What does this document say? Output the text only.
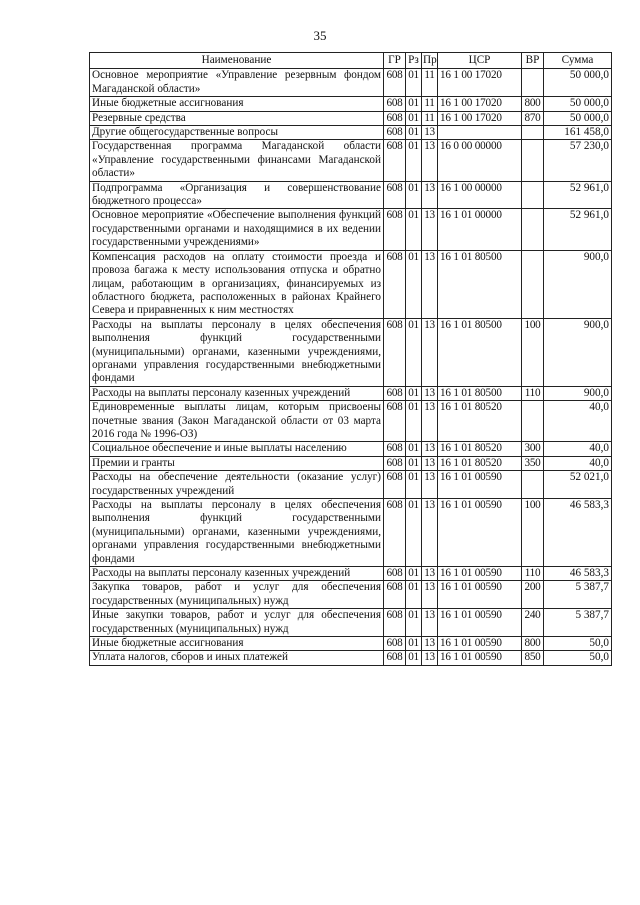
35
Наименование	ГР	Рз	Пр	ЦСР	ВР	Сумма
Основное мероприятие «Управление резервным фондом Магаданской области»	608	01	11	16 1 00 17020		50 000,0
Иные бюджетные ассигнования	608	01	11	16 1 00 17020	800	50 000,0
Резервные средства	608	01	11	16 1 00 17020	870	50 000,0
Другие общегосударственные вопросы	608	01	13			161 458,0
Государственная программа Магаданской области «Управление государственными финансами Магаданской области»	608	01	13	16 0 00 00000		57 230,0
Подпрограмма «Организация и совершенствование бюджетного процесса»	608	01	13	16 1 00 00000		52 961,0
Основное мероприятие «Обеспечение выполнения функций государственными органами и находящимися в их ведении государственными учреждениями»	608	01	13	16 1 01 00000		52 961,0
Компенсация расходов на оплату стоимости проезда и провоза багажа к месту использования отпуска и обратно лицам, работающим в организациях, финансируемых из областного бюджета, расположенных в районах Крайнего Севера и приравненных к ним местностях	608	01	13	16 1 01 80500		900,0
Расходы на выплаты персоналу в целях обеспечения выполнения функций государственными (муниципальными) органами, казенными учреждениями, органами управления государственными внебюджетными фондами	608	01	13	16 1 01 80500	100	900,0
Расходы на выплаты персоналу казенных учреждений	608	01	13	16 1 01 80500	110	900,0
Единовременные выплаты лицам, которым присвоены почетные звания (Закон Магаданской области от 03 марта 2016 года № 1996-ОЗ)	608	01	13	16 1 01 80520		40,0
Социальное обеспечение и иные выплаты населению	608	01	13	16 1 01 80520	300	40,0
Премии и гранты	608	01	13	16 1 01 80520	350	40,0
Расходы на обеспечение деятельности (оказание услуг) государственных учреждений	608	01	13	16 1 01 00590		52 021,0
Расходы на выплаты персоналу в целях обеспечения выполнения функций государственными (муниципальными) органами, казенными учреждениями, органами управления государственными внебюджетными фондами	608	01	13	16 1 01 00590	100	46 583,3
Расходы на выплаты персоналу казенных учреждений	608	01	13	16 1 01 00590	110	46 583,3
Закупка товаров, работ и услуг для обеспечения государственных (муниципальных) нужд	608	01	13	16 1 01 00590	200	5 387,7
Иные закупки товаров, работ и услуг для обеспечения государственных (муниципальных) нужд	608	01	13	16 1 01 00590	240	5 387,7
Иные бюджетные ассигнования	608	01	13	16 1 01 00590	800	50,0
Уплата налогов, сборов и иных платежей	608	01	13	16 1 01 00590	850	50,0
